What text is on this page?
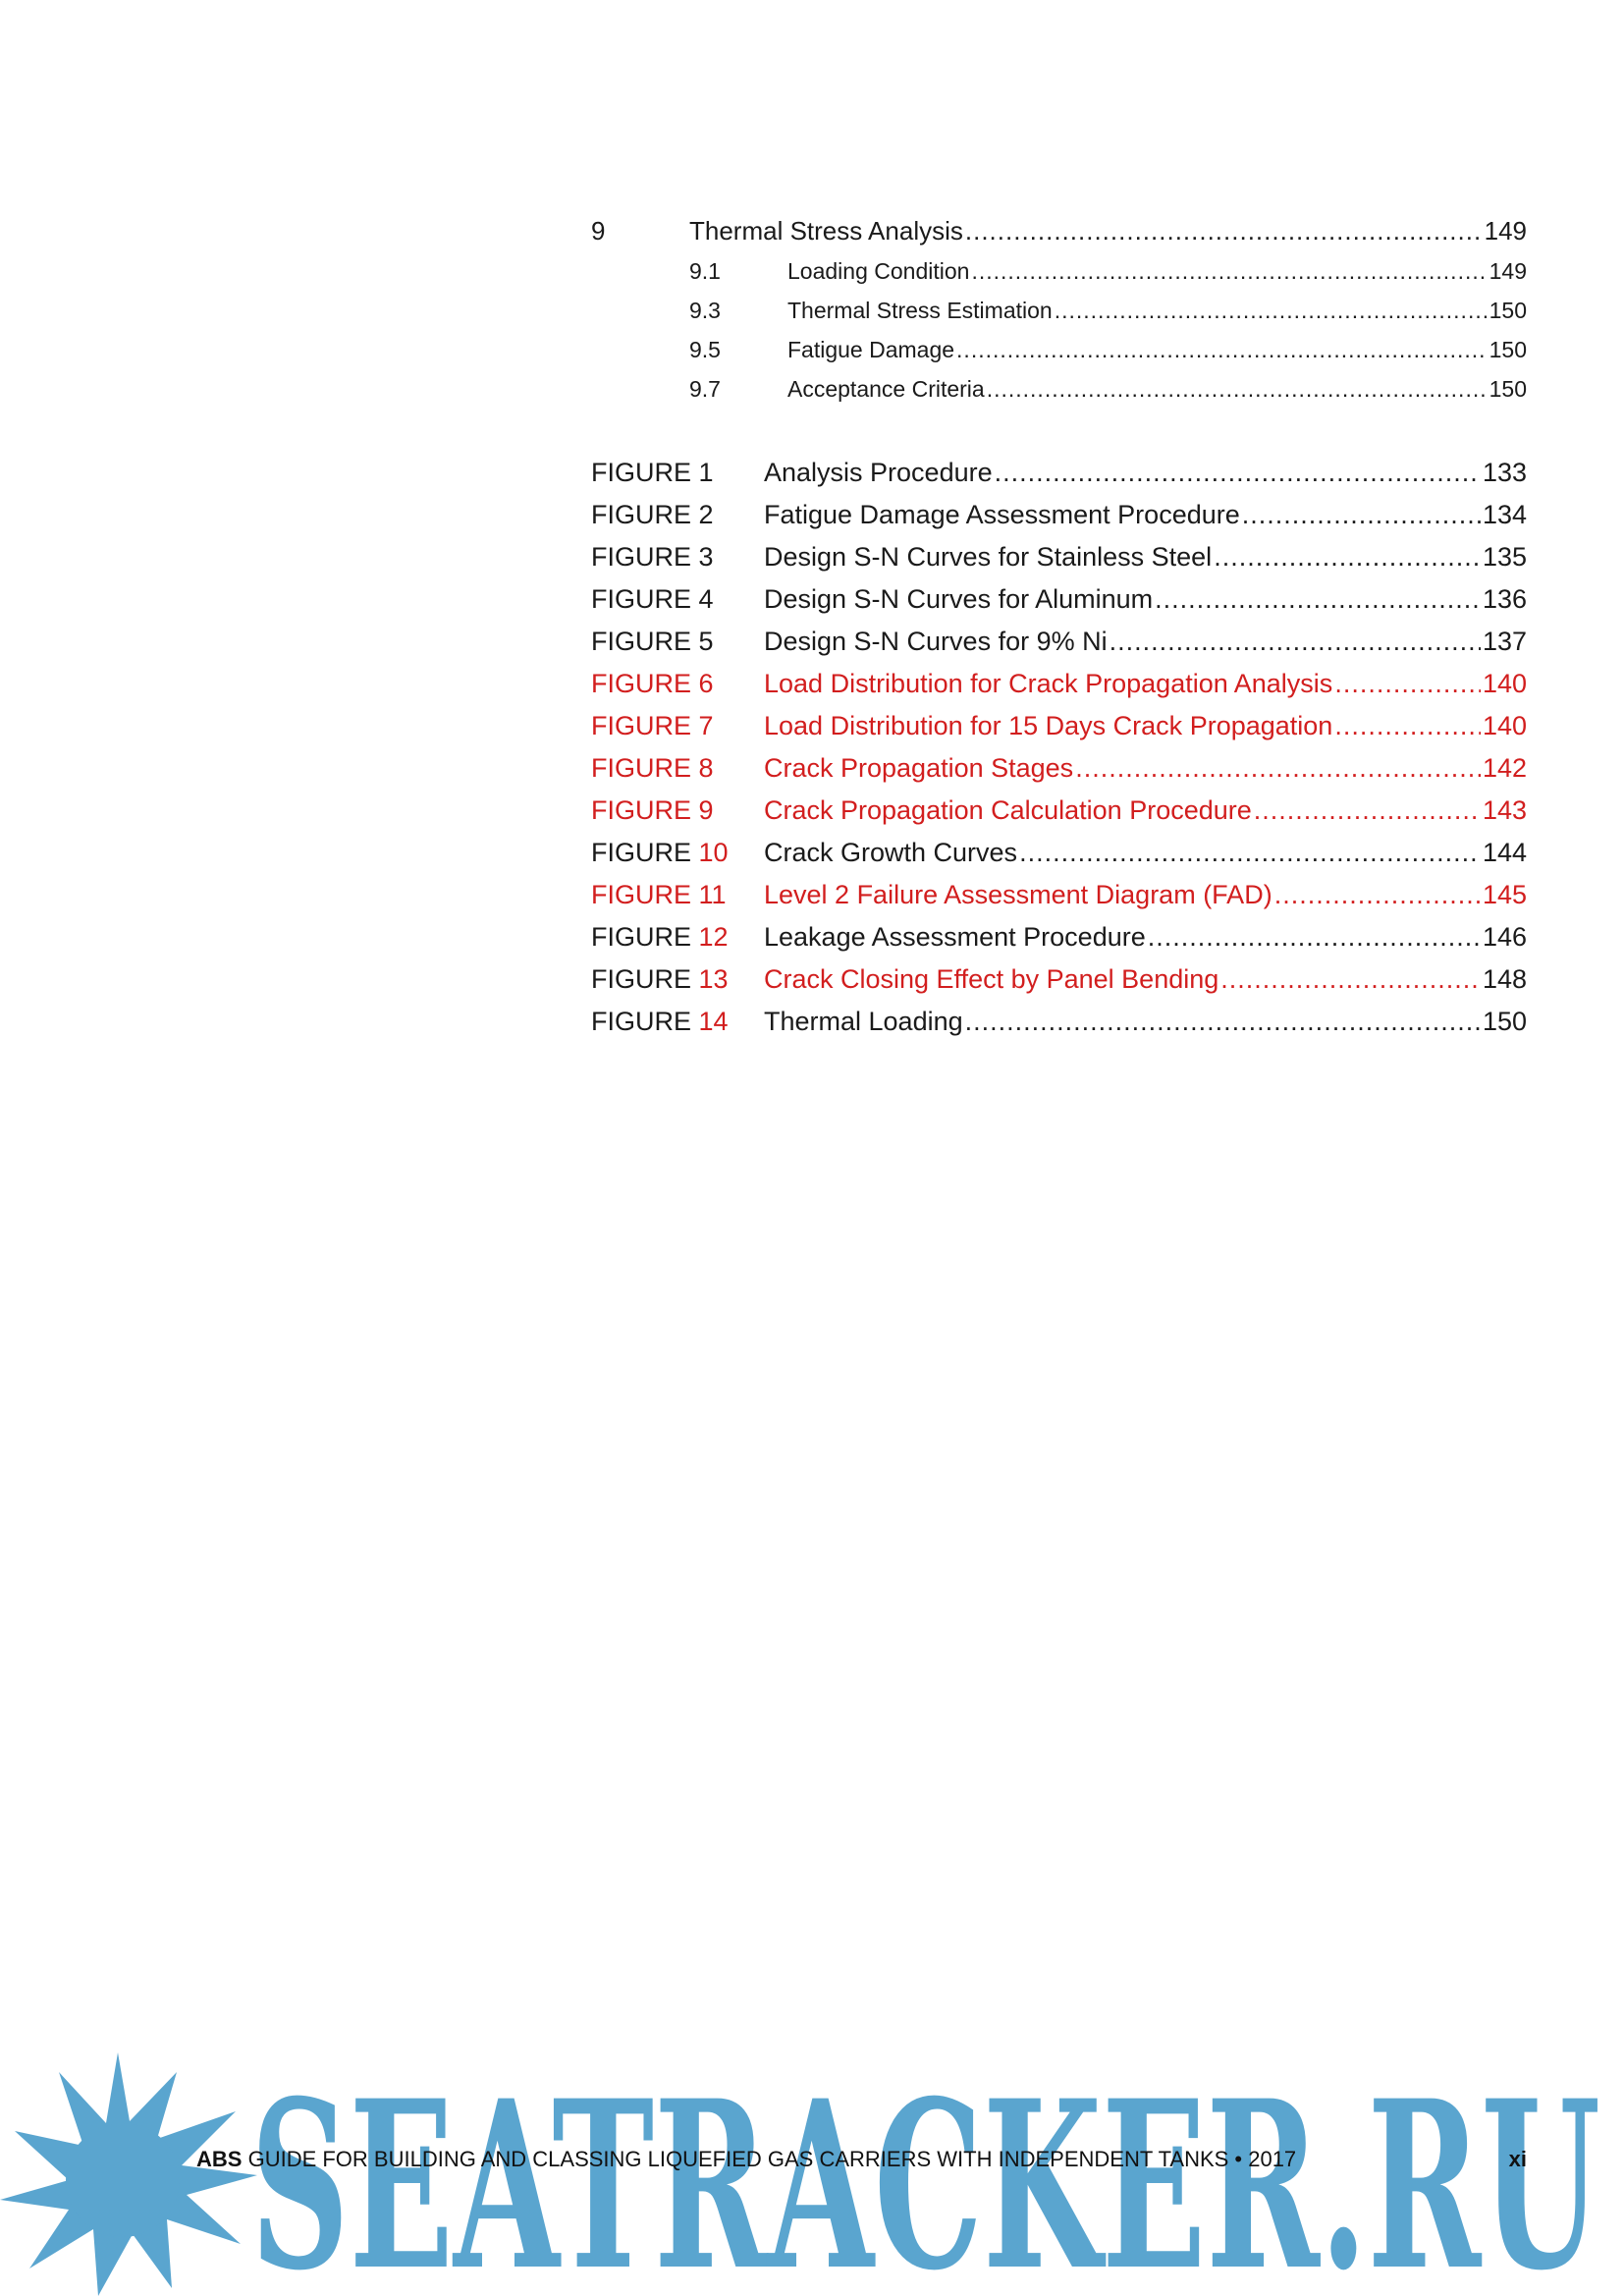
9	Thermal Stress Analysis .....	149
9.1	Loading Condition .....	149
9.3	Thermal Stress Estimation .....	150
9.5	Fatigue Damage .....	150
9.7	Acceptance Criteria .....	150
FIGURE 1	Analysis Procedure .....	133
FIGURE 2	Fatigue Damage Assessment Procedure .....	134
FIGURE 3	Design S-N Curves for Stainless Steel .....	135
FIGURE 4	Design S-N Curves for Aluminum .....	136
FIGURE 5	Design S-N Curves for 9% Ni .....	137
FIGURE 6	Load Distribution for Crack Propagation Analysis .....	140
FIGURE 7	Load Distribution for 15 Days Crack Propagation .....	140
FIGURE 8	Crack Propagation Stages .....	142
FIGURE 9	Crack Propagation Calculation Procedure .....	143
FIGURE 10	Crack Growth Curves .....	144
FIGURE 11	Level 2 Failure Assessment Diagram (FAD) .....	145
FIGURE 12	Leakage Assessment Procedure .....	146
FIGURE 13	Crack Closing Effect by Panel Bending .....	148
FIGURE 14	Thermal Loading .....	150
SEATRACKER.RU
ABS GUIDE FOR BUILDING AND CLASSING LIQUEFIED GAS CARRIERS WITH INDEPENDENT TANKS • 2017	xi
